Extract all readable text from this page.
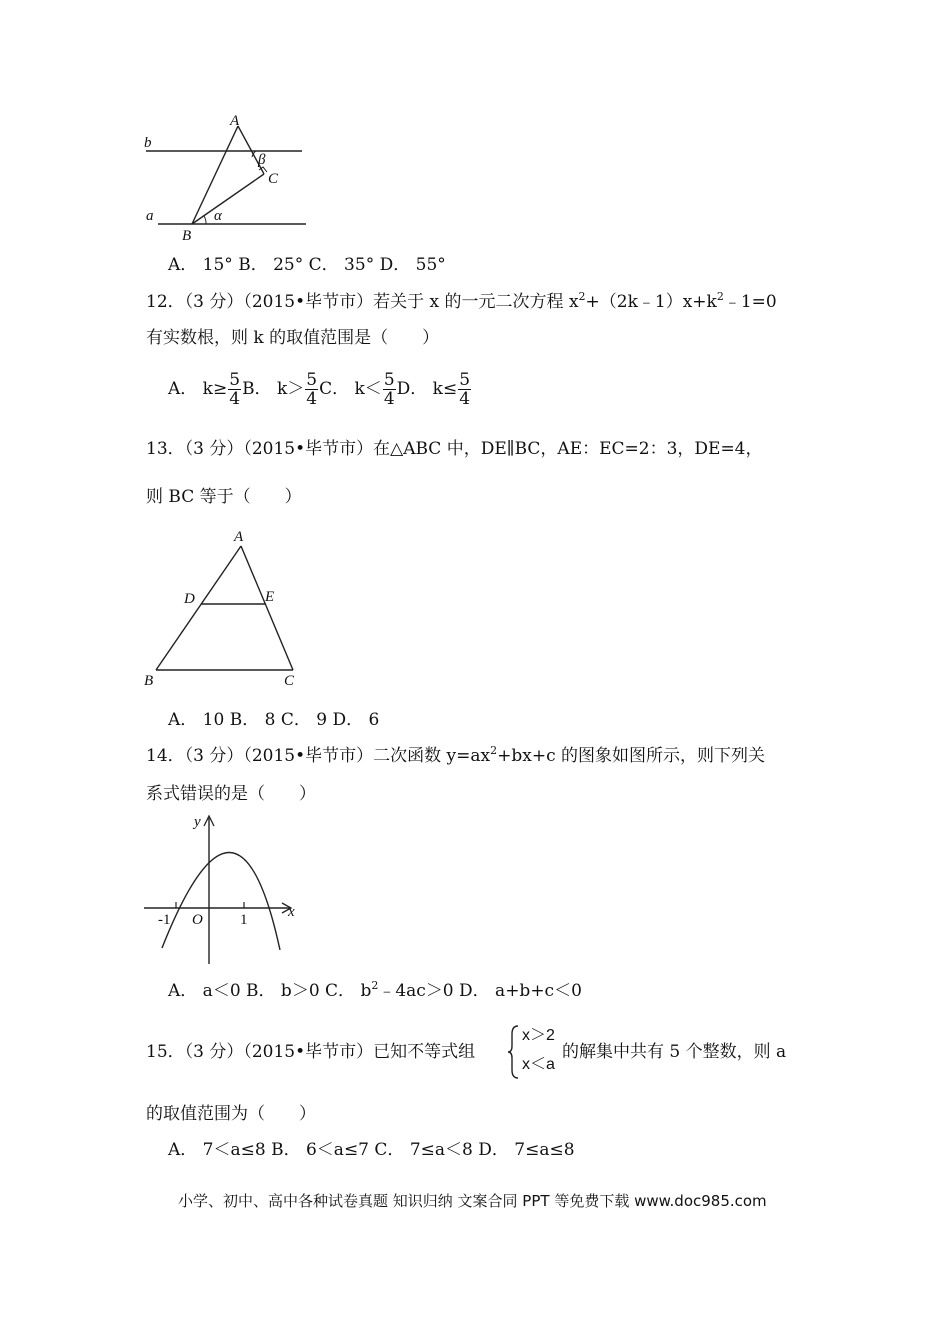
A
b
a
B
C
β
α
A． 15° B． 25° C． 35° D． 55°
12．（3 分）（2015•毕节市）若关于 x 的一元二次方程 $x^2+(2k﹣1)x+k^2﹣1=0$
有实数根，则 k 的取值范围是（　　）
A． $k\ge \frac{5}{4}$ B． $k> \frac{5}{4}$ C． $k< \frac{5}{4}$ D． $k\le \frac{5}{4}$
13．（3 分）（2015•毕节市）在△ABC 中，DE∥BC，AE：EC=2：3，DE=4，
则 BC 等于（　　）
A
D	E
B	C
A． 10 B． 8 C． 9 D． 6
14．（3 分）（2015•毕节市）二次函数 $y=ax^2+bx+c$ 的图象如图所示，则下列关
系式错误的是（　　）
y
x
O
-1	1
A． a＜0 B． b＞0 C． $b^2﹣4ac>0$ D． a+b+c＜0
15．（3 分）（2015•毕节市）已知不等式组
x＞2
x＜a
的解集中共有 5 个整数，则 a
的取值范围为（　　）
A． 7＜a≤8 B． 6＜a≤7 C． 7≤a＜8 D． 7≤a≤8
小学、初中、高中各种试卷真题 知识归纳 文案合同 PPT 等免费下载 www.doc985.com
